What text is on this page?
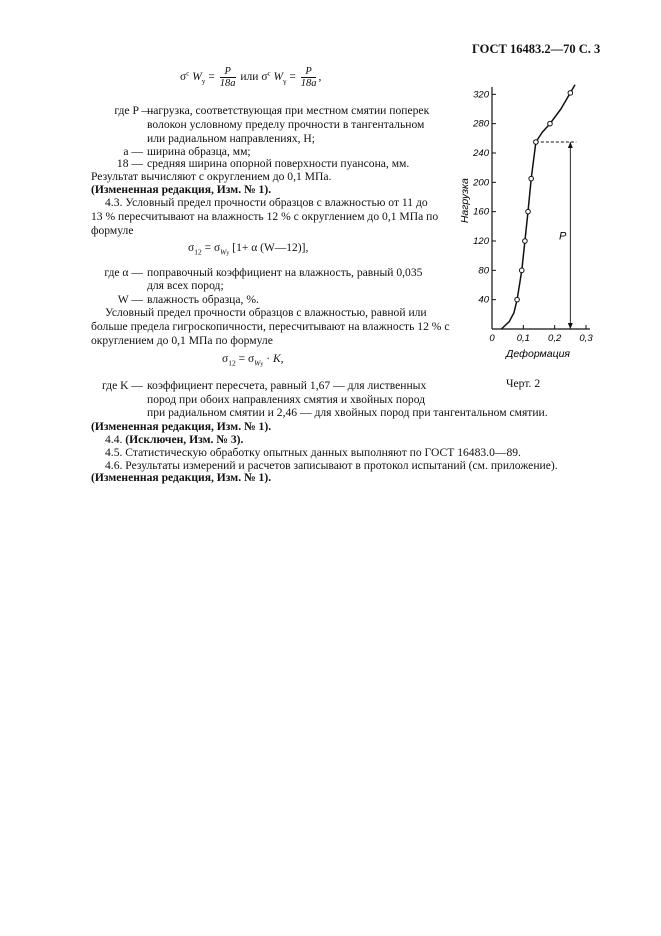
ГОСТ 16483.2—70 С. 3
$\sigma^c$ $W_y = \frac{P}{18a}$ или $\sigma^c$ $W_\gamma = \frac{P}{18a}$ ,
где P —
нагрузка, соответствующая при местном смятии поперек
волокон условному пределу прочности в тангентальном
или радиальном направлениях, Н;
a — ширина образца, мм;
18 — средняя ширина опорной поверхности пуансона, мм.
Результат вычисляют с округлением до 0,1 МПа.
(Измененная редакция, Изм. № 1).
4.3. Условный предел прочности образцов с влажностью от 11 до
13 % пересчитывают на влажность 12 % с округлением до 0,1 МПа по
формуле
$\sigma_{12} = \sigma_{Wy}$ [1+ α (W—12)],
где α — поправочный коэффициент на влажность, равный 0,035
для всех пород;
W — влажность образца, %.
Условный предел прочности образцов с влажностью, равной или
больше предела гигроскопичности, пересчитывают на влажность 12 % с
округлением до 0,1 МПа по формуле
$\sigma_{12} = \sigma_{Wy} \cdot K$,
где K — коэффициент пересчета, равный 1,67 — для лиственных
пород при обоих направлениях смятия и хвойных пород
при радиальном смятии и 2,46 — для хвойных пород при тангентальном смятии.
(Измененная редакция, Изм. № 1).
4.4. (Исключен, Изм. № 3).
4.5. Статистическую обработку опытных данных выполняют по ГОСТ 16483.0—89.
4.6. Результаты измерений и расчетов записывают в протокол испытаний (см. приложение).
(Измененная редакция, Изм. № 1).
40
80
120
160
200
240
280
320
0 0,1 0,2 0,3
Деформация
Нагрузка
P
Черт. 2
